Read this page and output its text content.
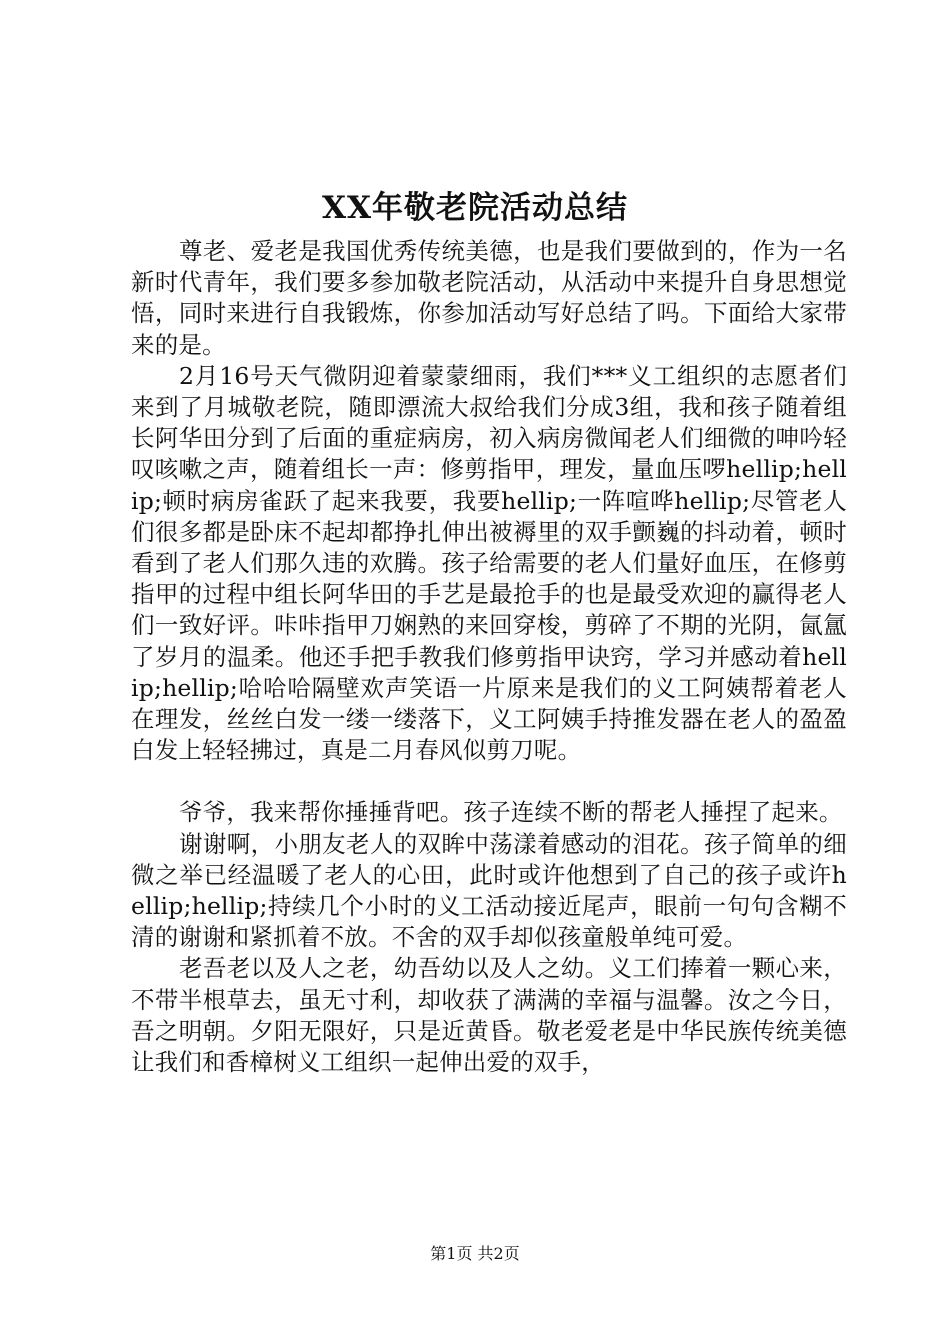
XX年敬老院活动总结

尊老、爱老是我国优秀传统美德，也是我们要做到的，作为一名新时代青年，我们要多参加敬老院活动，从活动中来提升自身思想觉悟，同时来进行自我锻炼，你参加活动写好总结了吗。下面给大家带来的是。

2月16号天气微阴迎着蒙蒙细雨，我们***义工组织的志愿者们来到了月城敬老院，随即漂流大叔给我们分成3组，我和孩子随着组长阿华田分到了后面的重症病房，初入病房微闻老人们细微的呻吟轻叹咳嗽之声，随着组长一声：修剪指甲，理发，量血压啰hellip;hellip;顿时病房雀跃了起来我要，我要hellip;一阵喧哗hellip;尽管老人们很多都是卧床不起却都挣扎伸出被褥里的双手颤巍的抖动着，顿时看到了老人们那久违的欢腾。孩子给需要的老人们量好血压，在修剪指甲的过程中组长阿华田的手艺是最抢手的也是最受欢迎的赢得老人们一致好评。咔咔指甲刀娴熟的来回穿梭，剪碎了不期的光阴，氤氲了岁月的温柔。他还手把手教我们修剪指甲诀窍，学习并感动着hellip;hellip;哈哈哈隔壁欢声笑语一片原来是我们的义工阿姨帮着老人在理发，丝丝白发一缕一缕落下，义工阿姨手持推发器在老人的盈盈白发上轻轻拂过，真是二月春风似剪刀呢。

爷爷，我来帮你捶捶背吧。孩子连续不断的帮老人捶捏了起来。

谢谢啊，小朋友老人的双眸中荡漾着感动的泪花。孩子简单的细微之举已经温暖了老人的心田，此时或许他想到了自己的孩子或许hellip;hellip;持续几个小时的义工活动接近尾声，眼前一句句含糊不清的谢谢和紧抓着不放。不舍的双手却似孩童般单纯可爱。

老吾老以及人之老，幼吾幼以及人之幼。义工们捧着一颗心来，不带半根草去，虽无寸利，却收获了满满的幸福与温馨。汝之今日，吾之明朝。夕阳无限好，只是近黄昏。敬老爱老是中华民族传统美德让我们和香樟树义工组织一起伸出爱的双手，

第1页 共2页
